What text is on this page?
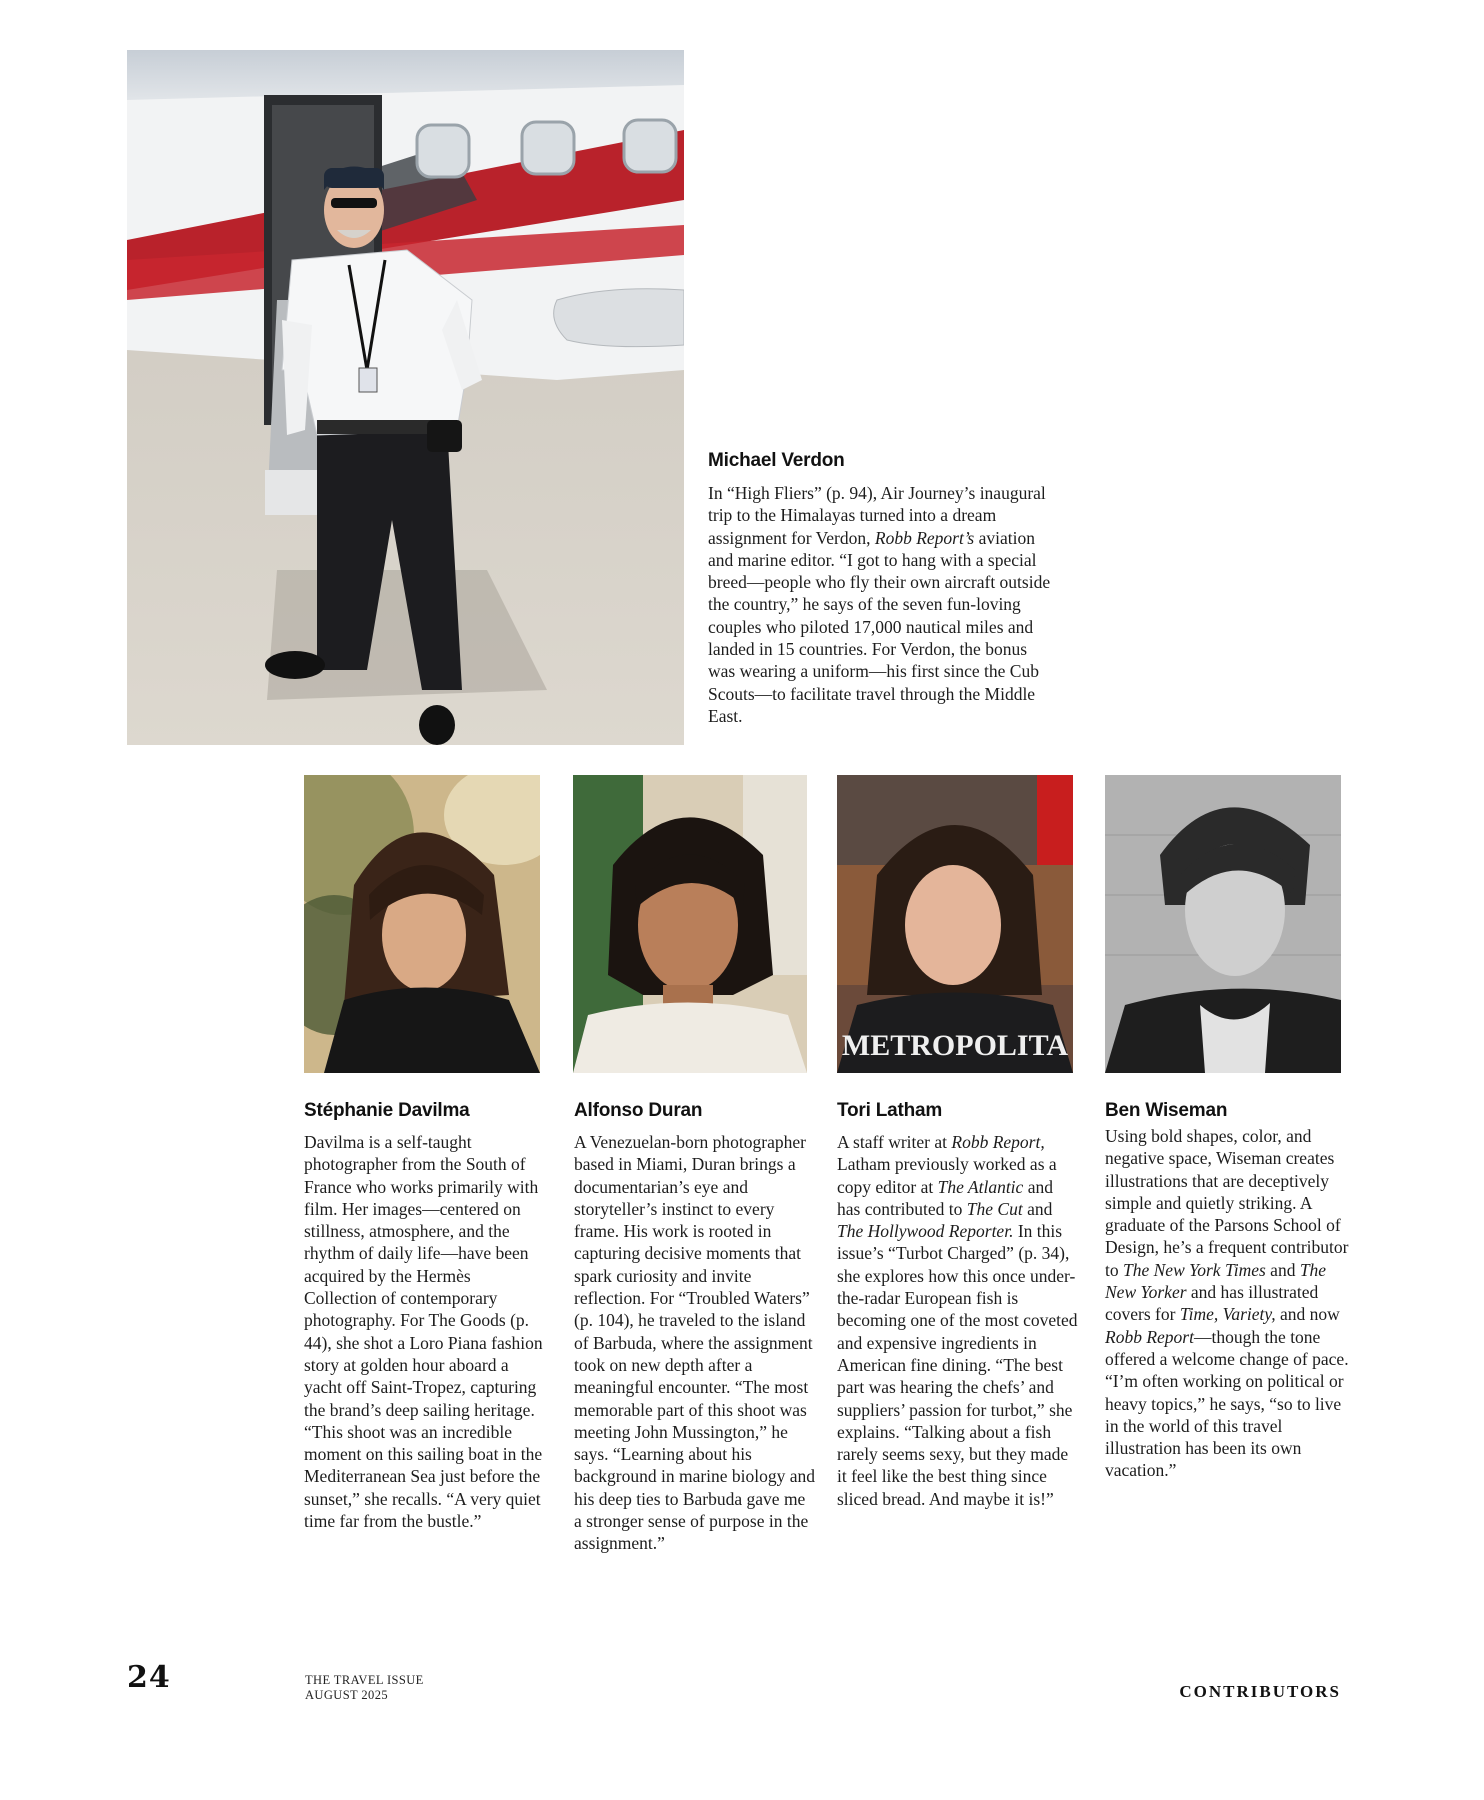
Michael Verdon

In “High Fliers” (p. 94), Air Journey’s inaugural trip to the Himalayas turned into a dream assignment for Verdon, Robb Report’s aviation and marine editor. “I got to hang with a special breed—people who fly their own aircraft outside the country,” he says of the seven fun-loving couples who piloted 17,000 nautical miles and landed in 15 countries. For Verdon, the bonus was wearing a uniform—his first since the Cub Scouts—to facilitate travel through the Middle East.

METROPOLITA
Stéphanie Davilma

Davilma is a self-taught photographer from the South of France who works primarily with film. Her images—centered on stillness, atmosphere, and the rhythm of daily life—have been acquired by the Hermès Collection of contemporary photography. For The Goods (p. 44), she shot a Loro Piana fashion story at golden hour aboard a yacht off Saint-Tropez, capturing the brand’s deep sailing heritage. “This shoot was an incredible moment on this sailing boat in the Mediterranean Sea just before the sunset,” she recalls. “A very quiet time far from the bustle.”

Alfonso Duran

A Venezuelan-born photographer based in Miami, Duran brings a documentarian’s eye and storyteller’s instinct to every frame. His work is rooted in capturing decisive moments that spark curiosity and invite reflection. For “Troubled Waters” (p. 104), he traveled to the island of Barbuda, where the assignment took on new depth after a meaningful encounter. “The most memorable part of this shoot was meeting John Mussington,” he says. “Learning about his background in marine biology and his deep ties to Barbuda gave me a stronger sense of purpose in the assignment.”

Tori Latham

A staff writer at Robb Report, Latham previously worked as a copy editor at The Atlantic and has contributed to The Cut and The Hollywood Reporter. In this issue’s “Turbot Charged” (p. 34), she explores how this once under-the-radar European fish is becoming one of the most coveted and expensive ingredients in American fine dining. “The best part was hearing the chefs’ and suppliers’ passion for turbot,” she explains. “Talking about a fish rarely seems sexy, but they made it feel like the best thing since sliced bread. And maybe it is!”

Ben Wiseman

Using bold shapes, color, and negative space, Wiseman creates illustrations that are deceptively simple and quietly striking. A graduate of the Parsons School of Design, he’s a frequent contributor to The New York Times and The New Yorker and has illustrated covers for Time, Variety, and now Robb Report—though the tone offered a welcome change of pace. “I’m often working on political or heavy topics,” he says, “so to live in the world of this travel illustration has been its own vacation.”

24	THE TRAVEL ISSUE
AUGUST 2025	CONTRIBUTORS
